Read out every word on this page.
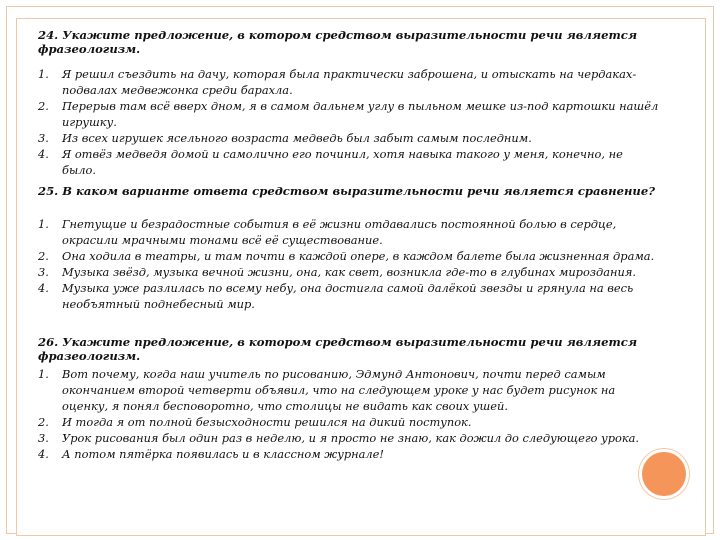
24. Укажите предложение, в котором средством выразительности речи является фразеологизм.

1. Я решил съездить на дачу, которая была практически заброшена, и отыскать на чердаках-подвалах медвежонка среди барахла.
2. Перерыв там всё вверх дном, я в самом дальнем углу в пыльном мешке из-под картошки нашёл игрушку.
3. Из всех игрушек ясельного возраста медведь был забыт самым последним.
4. Я отвёз медведя домой и самолично его починил, хотя навыка такого у меня, конечно, не было.

25. В каком варианте ответа средством выразительности речи является сравнение?

1. Гнетущие и безрадостные события в её жизни отдавались постоянной болью в сердце, окрасили мрачными тонами всё её существование.
2. Она ходила в театры, и там почти в каждой опере, в каждом балете была жизненная драма.
3. Музыка звёзд, музыка вечной жизни, она, как свет, возникла где-то в глубинах мироздания.
4. Музыка уже разлилась по всему небу, она достигла самой далёкой звезды и грянула на весь необъятный поднебесный мир.

26. Укажите предложение, в котором средством выразительности речи является фразеологизм.

1. Вот почему, когда наш учитель по рисованию, Эдмунд Антонович, почти перед самым окончанием второй четверти объявил, что на следующем уроке у нас будет рисунок на оценку, я понял бесповоротно, что столицы не видать как своих ушей.
2. И тогда я от полной безысходности решился на дикий поступок.
3. Урок рисования был один раз в неделю, и я просто не знаю, как дожил до следующего урока.
4. А потом пятёрка появилась и в классном журнале!
